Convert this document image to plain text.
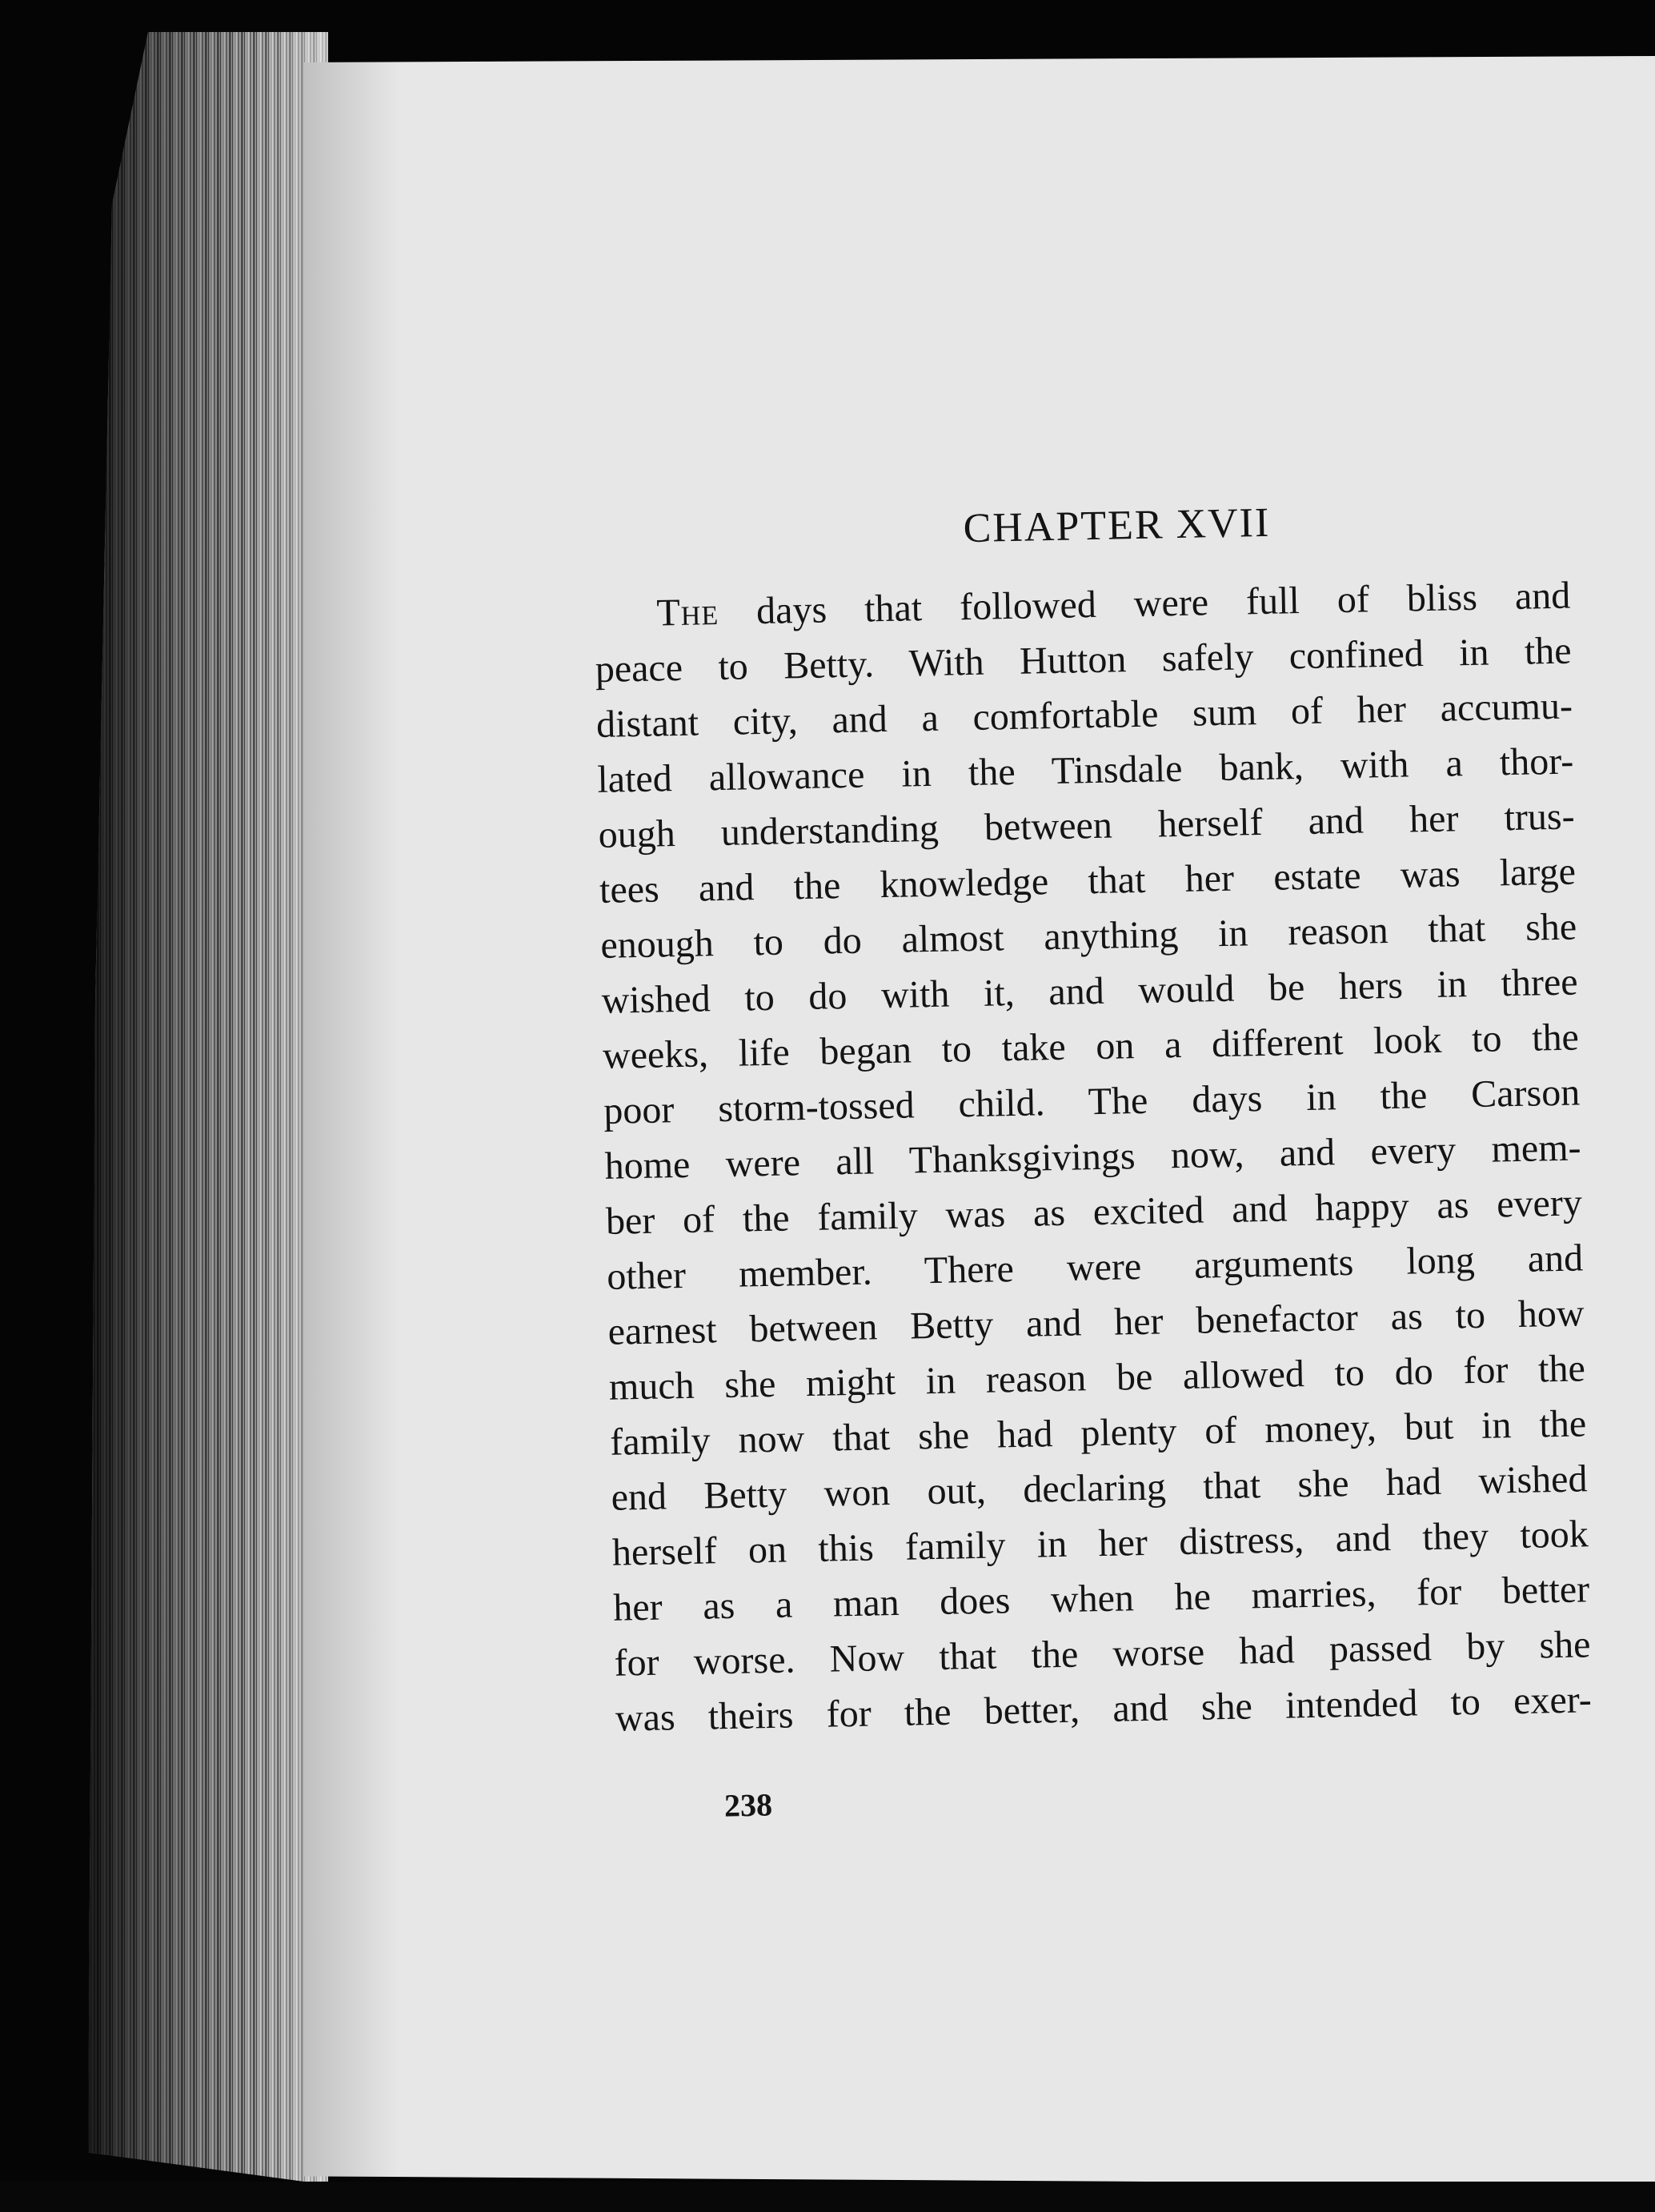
CHAPTER XVII
The days that followed were full of bliss and
peace to Betty. With Hutton safely confined in the
distant city, and a comfortable sum of her accumu-
lated allowance in the Tinsdale bank, with a thor-
ough understanding between herself and her trus-
tees and the knowledge that her estate was large
enough to do almost anything in reason that she
wished to do with it, and would be hers in three
weeks, life began to take on a different look to the
poor storm-tossed child. The days in the Carson
home were all Thanksgivings now, and every mem-
ber of the family was as excited and happy as every
other member. There were arguments long and
earnest between Betty and her benefactor as to how
much she might in reason be allowed to do for the
family now that she had plenty of money, but in the
end Betty won out, declaring that she had wished
herself on this family in her distress, and they took
her as a man does when he marries, for better
for worse. Now that the worse had passed by she
was theirs for the better, and she intended to exer-
238
